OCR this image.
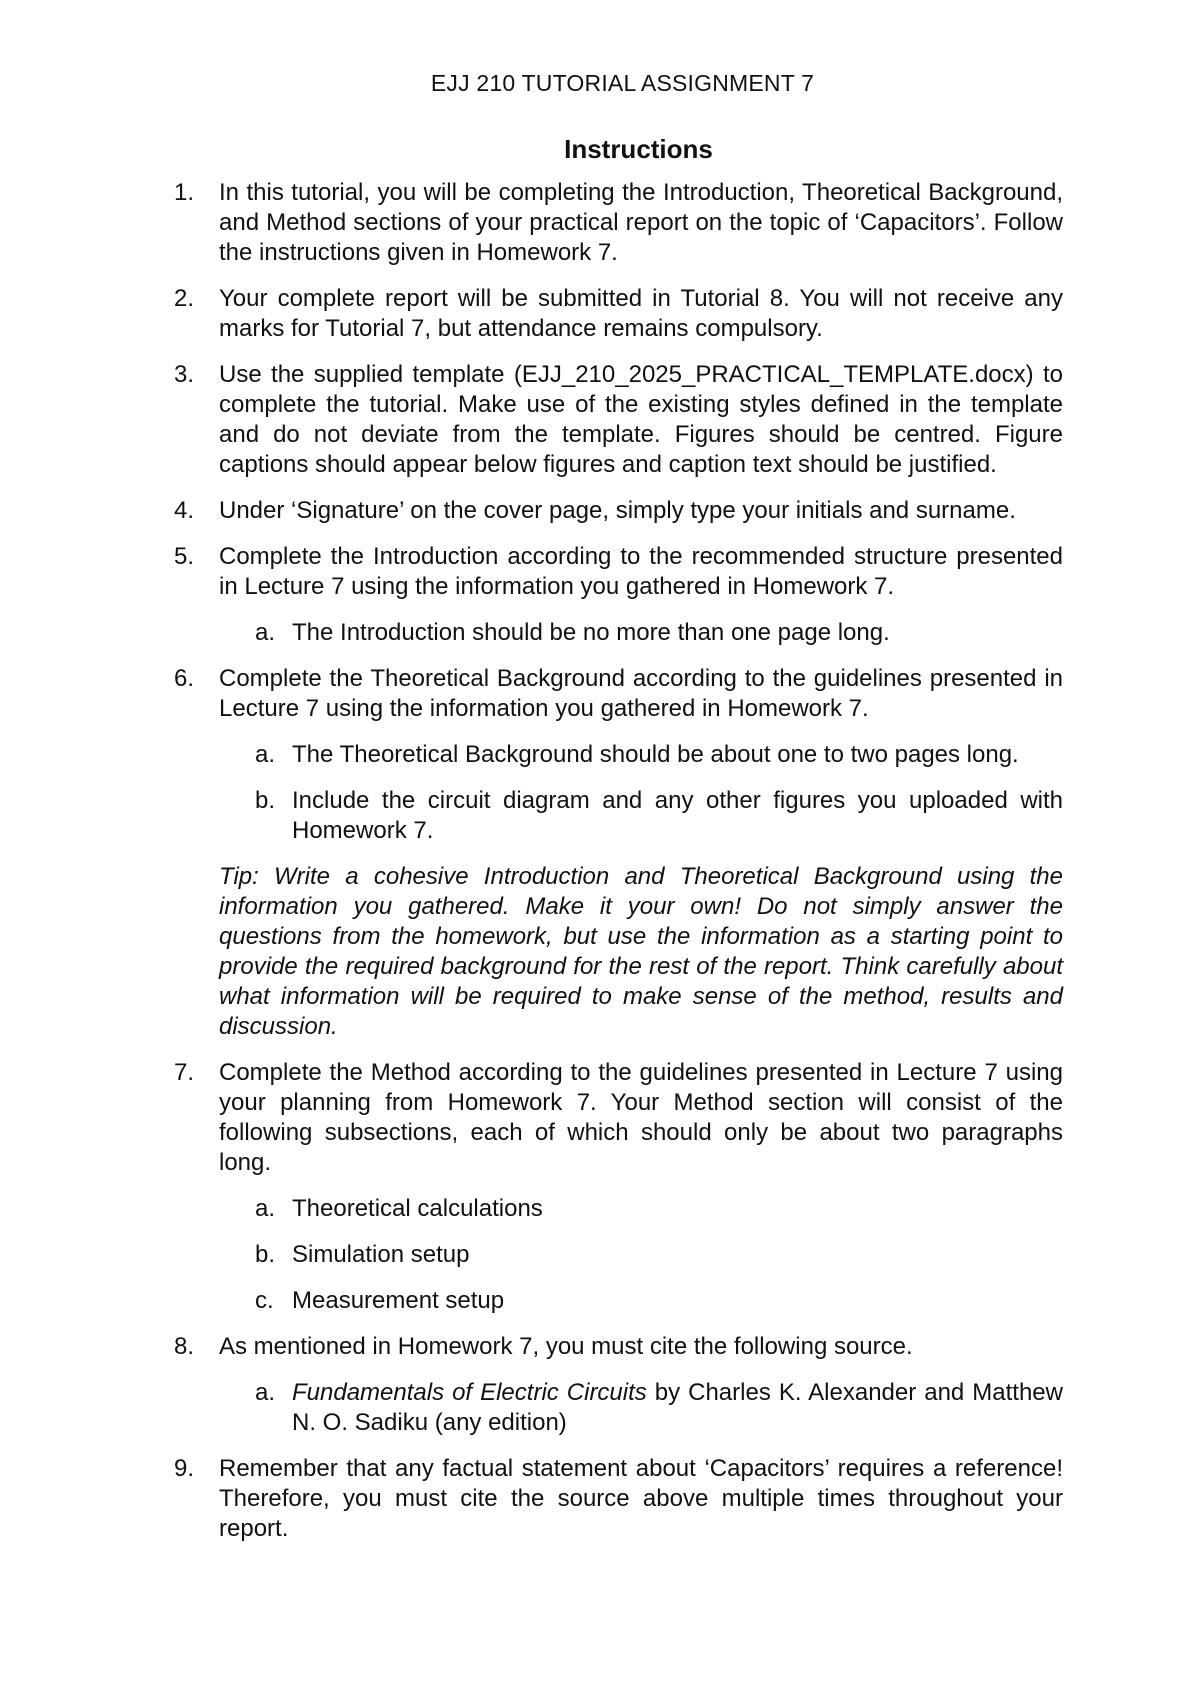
EJJ 210 TUTORIAL ASSIGNMENT 7
Instructions
1.	In this tutorial, you will be completing the Introduction, Theoretical Background, and Method sections of your practical report on the topic of ‘Capacitors’. Follow the instructions given in Homework 7.

2.	Your complete report will be submitted in Tutorial 8. You will not receive any marks for Tutorial 7, but attendance remains compulsory.

3.	Use the supplied template (EJJ_210_2025_PRACTICAL_TEMPLATE.docx) to complete the tutorial. Make use of the existing styles defined in the template and do not deviate from the template. Figures should be centred. Figure captions should appear below figures and caption text should be justified.

4.	Under ‘Signature’ on the cover page, simply type your initials and surname.

5.	Complete the Introduction according to the recommended structure presented in Lecture 7 using the information you gathered in Homework 7.

a. The Introduction should be no more than one page long.

6.	Complete the Theoretical Background according to the guidelines presented in Lecture 7 using the information you gathered in Homework 7.

a. The Theoretical Background should be about one to two pages long.

b. Include the circuit diagram and any other figures you uploaded with Homework 7.

Tip: Write a cohesive Introduction and Theoretical Background using the information you gathered. Make it your own! Do not simply answer the questions from the homework, but use the information as a starting point to provide the required background for the rest of the report. Think carefully about what information will be required to make sense of the method, results and discussion.

7.	Complete the Method according to the guidelines presented in Lecture 7 using your planning from Homework 7. Your Method section will consist of the following subsections, each of which should only be about two paragraphs long.

a. Theoretical calculations

b. Simulation setup

c. Measurement setup

8.	As mentioned in Homework 7, you must cite the following source.

a. Fundamentals of Electric Circuits by Charles K. Alexander and Matthew N. O. Sadiku (any edition)

9.	Remember that any factual statement about ‘Capacitors’ requires a reference! Therefore, you must cite the source above multiple times throughout your report.
